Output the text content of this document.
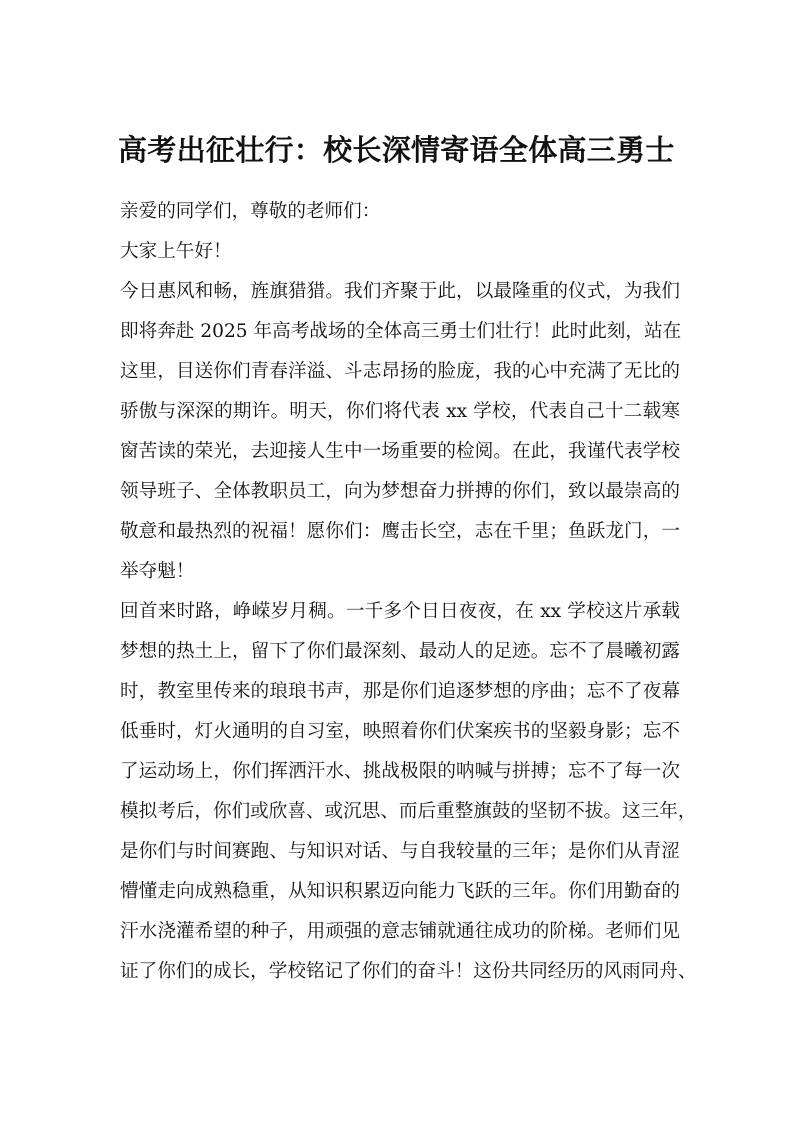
高考出征壮行：校长深情寄语全体高三勇士
亲爱的同学们，尊敬的老师们：
大家上午好！
今日惠风和畅，旌旗猎猎。我们齐聚于此，以最隆重的仪式，为我们
即将奔赴 2025 年高考战场的全体高三勇士们壮行！此时此刻，站在
这里，目送你们青春洋溢、斗志昂扬的脸庞，我的心中充满了无比的
骄傲与深深的期许。明天，你们将代表 xx 学校，代表自己十二载寒
窗苦读的荣光，去迎接人生中一场重要的检阅。在此，我谨代表学校
领导班子、全体教职员工，向为梦想奋力拼搏的你们，致以最崇高的
敬意和最热烈的祝福！愿你们：鹰击长空，志在千里；鱼跃龙门，一
举夺魁！
回首来时路，峥嵘岁月稠。一千多个日日夜夜，在 xx 学校这片承载
梦想的热土上，留下了你们最深刻、最动人的足迹。忘不了晨曦初露
时，教室里传来的琅琅书声，那是你们追逐梦想的序曲；忘不了夜幕
低垂时，灯火通明的自习室，映照着你们伏案疾书的坚毅身影；忘不
了运动场上，你们挥洒汗水、挑战极限的呐喊与拼搏；忘不了每一次
模拟考后，你们或欣喜、或沉思、而后重整旗鼓的坚韧不拔。这三年，
是你们与时间赛跑、与知识对话、与自我较量的三年；是你们从青涩
懵懂走向成熟稳重，从知识积累迈向能力飞跃的三年。你们用勤奋的
汗水浇灌希望的种子，用顽强的意志铺就通往成功的阶梯。老师们见
证了你们的成长，学校铭记了你们的奋斗！这份共同经历的风雨同舟、
